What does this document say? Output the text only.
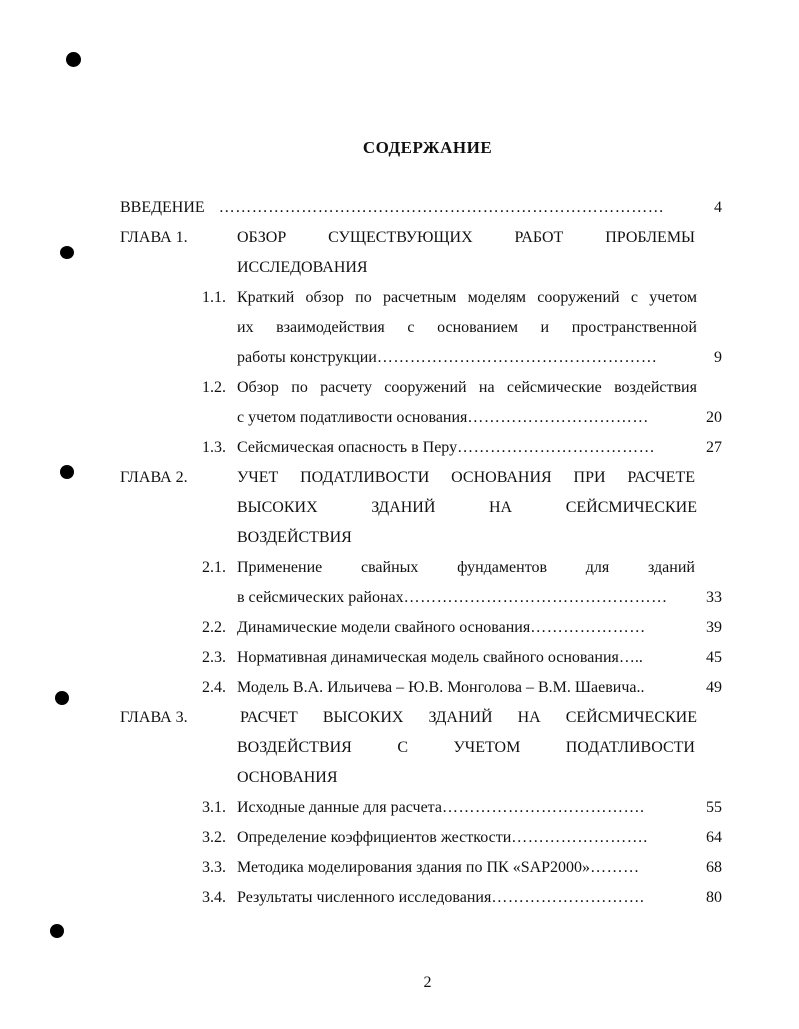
СОДЕРЖАНИЕ
ВВЕДЕНИЕ ………………………………………………………………………	4
ГЛАВА 1.	ОБЗОР	СУЩЕСТВУЮЩИХ	РАБОТ	ПРОБЛЕМЫ
ИССЛЕДОВАНИЯ
1.1. Краткий обзор по расчетным моделям сооружений с учетом
их взаимодействия с основанием и пространственной
работы конструкции ……………………………………………	9
1.2. Обзор по расчету сооружений на сейсмические воздействия
с учетом податливости основания ……………………………	20
1.3. Сейсмическая опасность в Перу ………………………………	27
ГЛАВА 2.	УЧЕТ ПОДАТЛИВОСТИ ОСНОВАНИЯ ПРИ РАСЧЕТЕ
ВЫСОКИХ	ЗДАНИЙ	НА	СЕЙСМИЧЕСКИЕ
ВОЗДЕЙСТВИЯ
2.1. Применение свайных фундаментов для зданий
в сейсмических районах …………………………………………	33
2.2. Динамические модели свайного основания …………………	39
2.3. Нормативная динамическая модель свайного основания …..	45
2.4. Модель В.А. Ильичева – Ю.В. Монголова – В.М. Шаевича ..	49
ГЛАВА 3.	РАСЧЕТ ВЫСОКИХ ЗДАНИЙ НА СЕЙСМИЧЕСКИЕ
ВОЗДЕЙСТВИЯ	С	УЧЕТОМ	ПОДАТЛИВОСТИ
ОСНОВАНИЯ
3.1. Исходные данные для расчета ……………………………….	55
3.2. Определение коэффициентов жесткости …………………….	64
3.3. Методика моделирования здания по ПК «SAP2000» ………	68
3.4. Результаты численного исследования ……………………….	80
2
